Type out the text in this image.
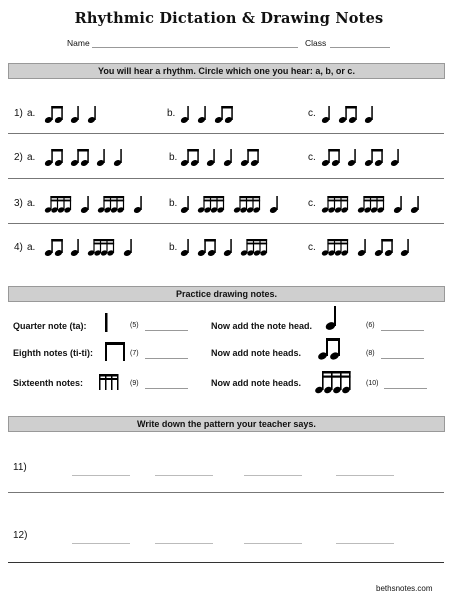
Rhythmic Dictation & Drawing Notes
Name	Class
You will hear a rhythm. Circle which one you hear: a, b, or c.
1) a.	b.	c.
2) a.	b.	c.
3) a.	b.	c.
4) a.	b.	c.
Practice drawing notes.
Quarter note (ta):	(5)	Now add the note head.	(6)
Eighth notes (ti-ti):	(7)	Now add note heads.	(8)
Sixteenth notes:	(9)	Now add note heads.	(10)
Write down the pattern your teacher says.
11)
12)
bethsnotes.com
